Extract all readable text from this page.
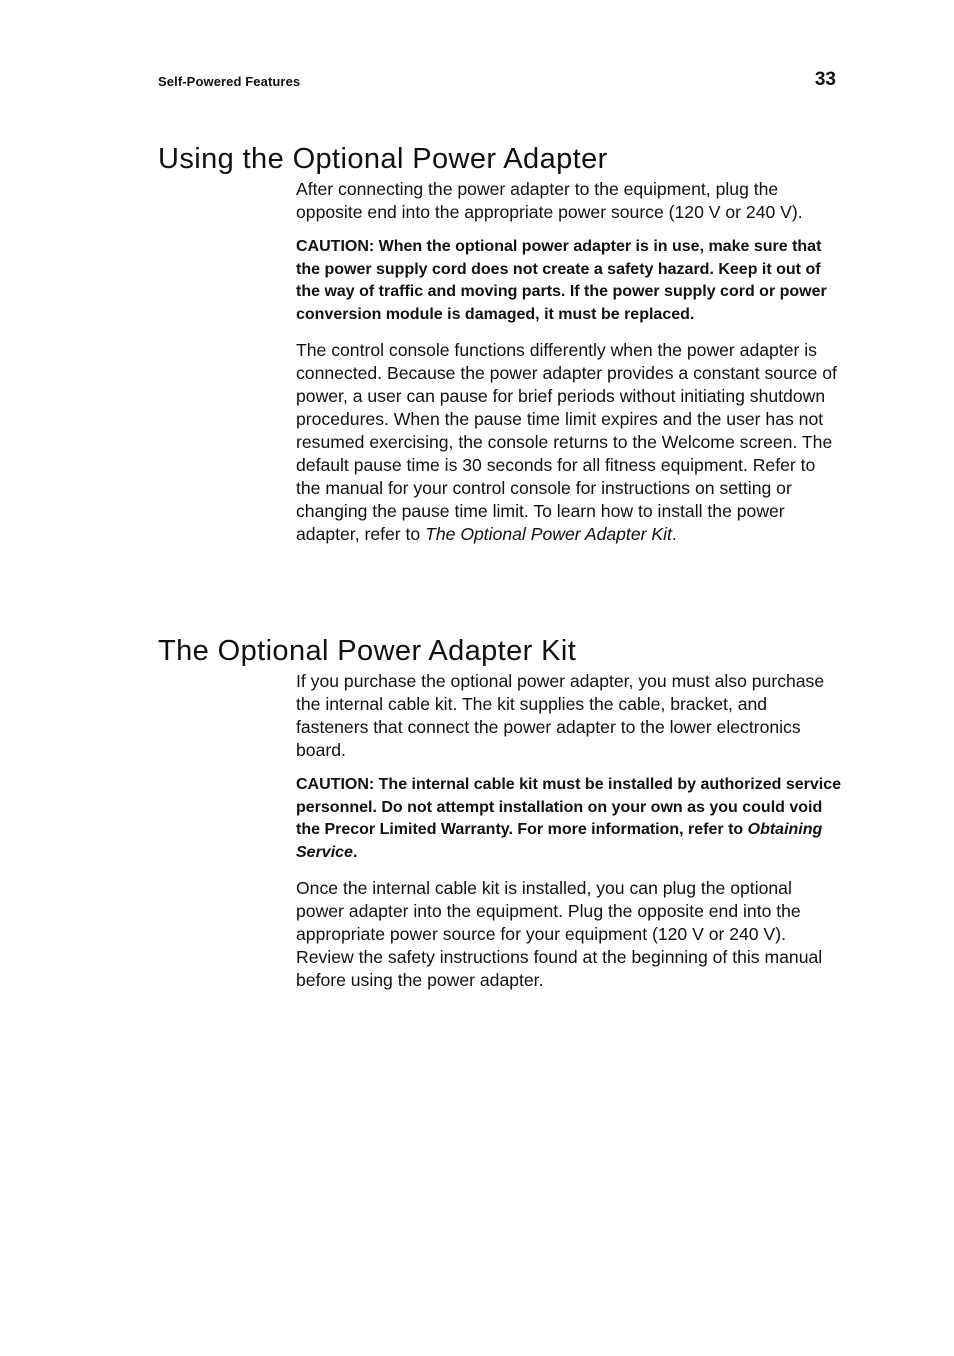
Self-Powered Features	33
Using the Optional Power Adapter

After connecting the power adapter to the equipment, plug the opposite end into the appropriate power source (120 V or 240 V).

CAUTION: When the optional power adapter is in use, make sure that the power supply cord does not create a safety hazard. Keep it out of the way of traffic and moving parts. If the power supply cord or power conversion module is damaged, it must be replaced.

The control console functions differently when the power adapter is connected. Because the power adapter provides a constant source of power, a user can pause for brief periods without initiating shutdown procedures. When the pause time limit expires and the user has not resumed exercising, the console returns to the Welcome screen. The default pause time is 30 seconds for all fitness equipment. Refer to the manual for your control console for instructions on setting or changing the pause time limit. To learn how to install the power adapter, refer to The Optional Power Adapter Kit.

The Optional Power Adapter Kit

If you purchase the optional power adapter, you must also purchase the internal cable kit. The kit supplies the cable, bracket, and fasteners that connect the power adapter to the lower electronics board.

CAUTION: The internal cable kit must be installed by authorized service personnel. Do not attempt installation on your own as you could void the Precor Limited Warranty. For more information, refer to Obtaining Service.

Once the internal cable kit is installed, you can plug the optional power adapter into the equipment. Plug the opposite end into the appropriate power source for your equipment (120 V or 240 V). Review the safety instructions found at the beginning of this manual before using the power adapter.
